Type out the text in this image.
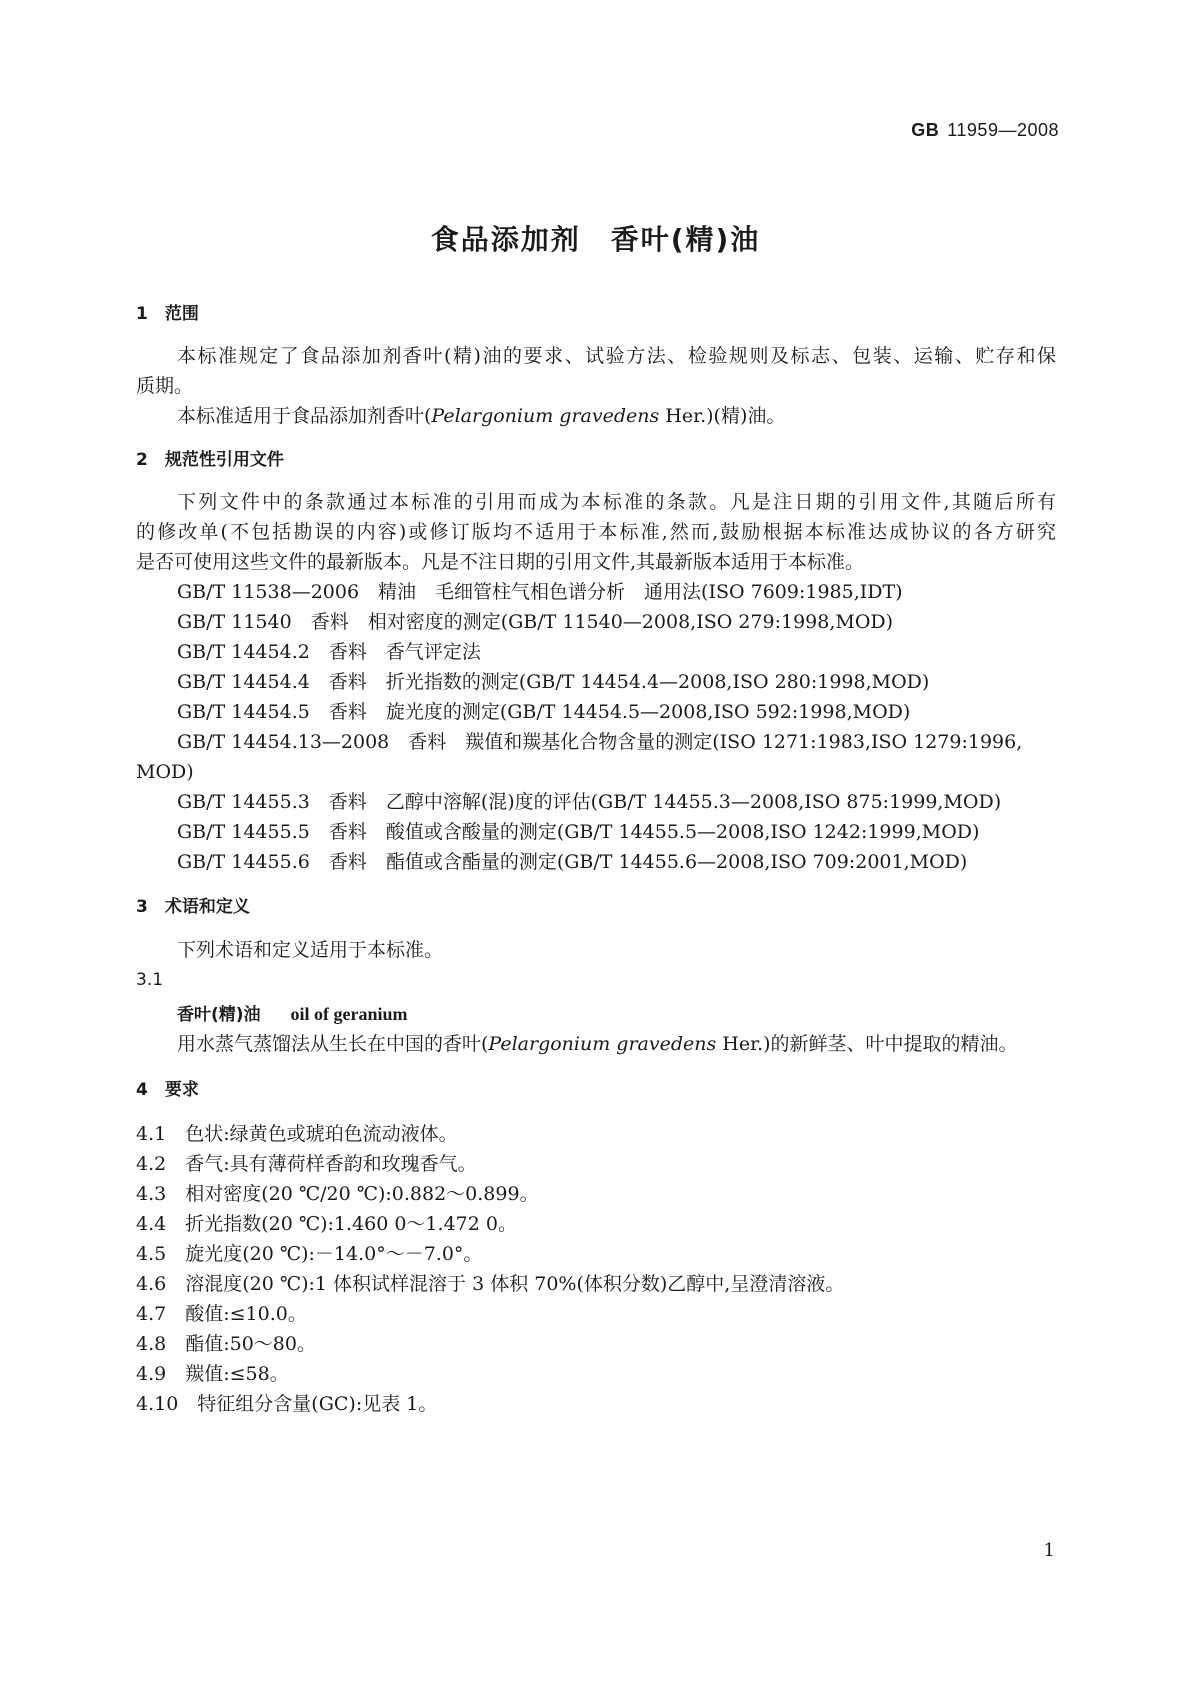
GB 11959—2008
食品添加剂　香叶(精)油
1　范围
本标准规定了食品添加剂香叶(精)油的要求、试验方法、检验规则及标志、包装、运输、贮存和保
质期。
本标准适用于食品添加剂香叶(Pelargonium gravedens Her.)(精)油。
2　规范性引用文件
下列文件中的条款通过本标准的引用而成为本标准的条款。凡是注日期的引用文件,其随后所有
的修改单(不包括勘误的内容)或修订版均不适用于本标准,然而,鼓励根据本标准达成协议的各方研究
是否可使用这些文件的最新版本。凡是不注日期的引用文件,其最新版本适用于本标准。
GB/T 11538—2006　精油　毛细管柱气相色谱分析　通用法(ISO 7609:1985,IDT)
GB/T 11540　香料　相对密度的测定(GB/T 11540—2008,ISO 279:1998,MOD)
GB/T 14454.2　香料　香气评定法
GB/T 14454.4　香料　折光指数的测定(GB/T 14454.4—2008,ISO 280:1998,MOD)
GB/T 14454.5　香料　旋光度的测定(GB/T 14454.5—2008,ISO 592:1998,MOD)
GB/T 14454.13—2008　香料　羰值和羰基化合物含量的测定(ISO 1271:1983,ISO 1279:1996,
MOD)
GB/T 14455.3　香料　乙醇中溶解(混)度的评估(GB/T 14455.3—2008,ISO 875:1999,MOD)
GB/T 14455.5　香料　酸值或含酸量的测定(GB/T 14455.5—2008,ISO 1242:1999,MOD)
GB/T 14455.6　香料　酯值或含酯量的测定(GB/T 14455.6—2008,ISO 709:2001,MOD)
3　术语和定义
下列术语和定义适用于本标准。
3.1
香叶(精)油 oil of geranium
用水蒸气蒸馏法从生长在中国的香叶(Pelargonium gravedens Her.)的新鲜茎、叶中提取的精油。
4　要求
4.1　色状:绿黄色或琥珀色流动液体。
4.2　香气:具有薄荷样香韵和玫瑰香气。
4.3　相对密度(20 ℃/20 ℃):0.882～0.899。
4.4　折光指数(20 ℃):1.460 0～1.472 0。
4.5　旋光度(20 ℃):－14.0°～－7.0°。
4.6　溶混度(20 ℃):1 体积试样混溶于 3 体积 70%(体积分数)乙醇中,呈澄清溶液。
4.7　酸值:≤10.0。
4.8　酯值:50～80。
4.9　羰值:≤58。
4.10　特征组分含量(GC):见表 1。
1
